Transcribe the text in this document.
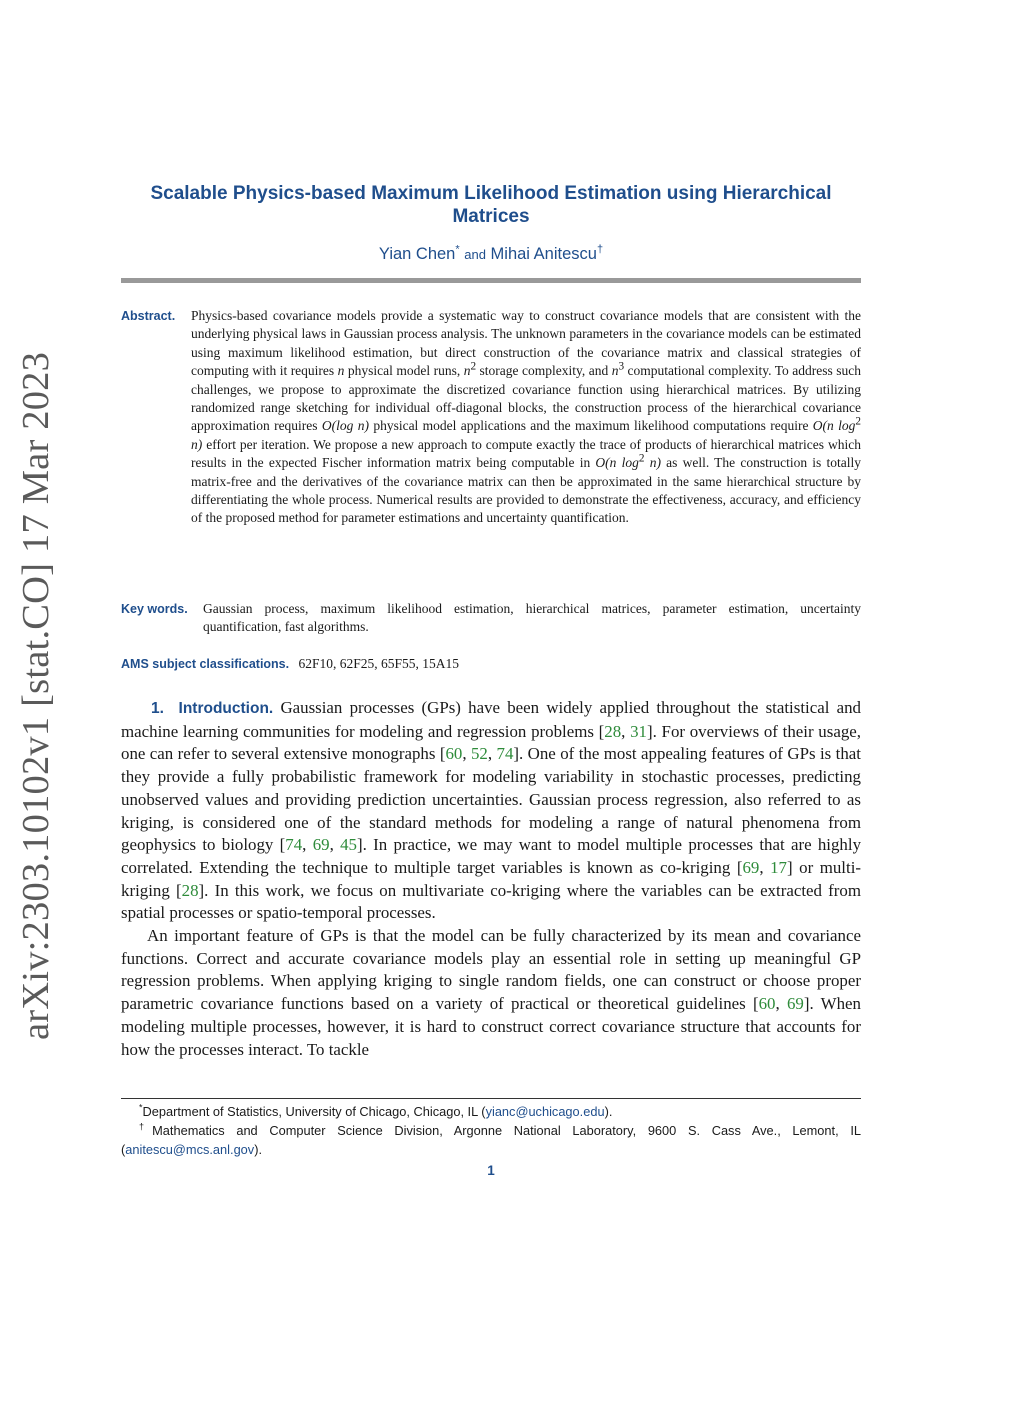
arXiv:2303.10102v1 [stat.CO] 17 Mar 2023
Scalable Physics-based Maximum Likelihood Estimation using Hierarchical Matrices
Yian Chen* and Mihai Anitescu†
Abstract. Physics-based covariance models provide a systematic way to construct covariance models that are consistent with the underlying physical laws in Gaussian process analysis. The unknown parameters in the covariance models can be estimated using maximum likelihood estimation, but direct construction of the covariance matrix and classical strategies of computing with it requires n physical model runs, $n^2$ storage complexity, and $n^3$ computational complexity. To address such challenges, we propose to approximate the discretized covariance function using hierarchical matrices. By utilizing randomized range sketching for individual off-diagonal blocks, the construction process of the hierarchical covariance approximation requires O(log n) physical model applications and the maximum likelihood computations require O(n $\log^2 n$) effort per iteration. We propose a new approach to compute exactly the trace of products of hierarchical matrices which results in the expected Fischer information matrix being computable in O(n $\log^2 n$) as well. The construction is totally matrix-free and the derivatives of the covariance matrix can then be approximated in the same hierarchical structure by differentiating the whole process. Numerical results are provided to demonstrate the effectiveness, accuracy, and efficiency of the proposed method for parameter estimations and uncertainty quantification.
Key words. Gaussian process, maximum likelihood estimation, hierarchical matrices, parameter estimation, uncertainty quantification, fast algorithms.
AMS subject classifications. 62F10, 62F25, 65F55, 15A15

1. Introduction. Gaussian processes (GPs) have been widely applied throughout the statistical and machine learning communities for modeling and regression problems [28, 31]. For overviews of their usage, one can refer to several extensive monographs [60, 52, 74]. One of the most appealing features of GPs is that they provide a fully probabilistic framework for modeling variability in stochastic processes, predicting unobserved values and providing prediction uncertainties. Gaussian process regression, also referred to as kriging, is considered one of the standard methods for modeling a range of natural phenomena from geophysics to biology [74, 69, 45]. In practice, we may want to model multiple processes that are highly correlated. Extending the technique to multiple target variables is known as co-kriging [69, 17] or multi-kriging [28]. In this work, we focus on multivariate co-kriging where the variables can be extracted from spatial processes or spatio-temporal processes.

An important feature of GPs is that the model can be fully characterized by its mean and covariance functions. Correct and accurate covariance models play an essential role in setting up meaningful GP regression problems. When applying kriging to single random fields, one can construct or choose proper parametric covariance functions based on a variety of practical or theoretical guidelines [60, 69]. When modeling multiple processes, however, it is hard to construct correct covariance structure that accounts for how the processes interact. To tackle

*Department of Statistics, University of Chicago, Chicago, IL (yianc@uchicago.edu).

†Mathematics and Computer Science Division, Argonne National Laboratory, 9600 S. Cass Ave., Lemont, IL (anitescu@mcs.anl.gov).

1
